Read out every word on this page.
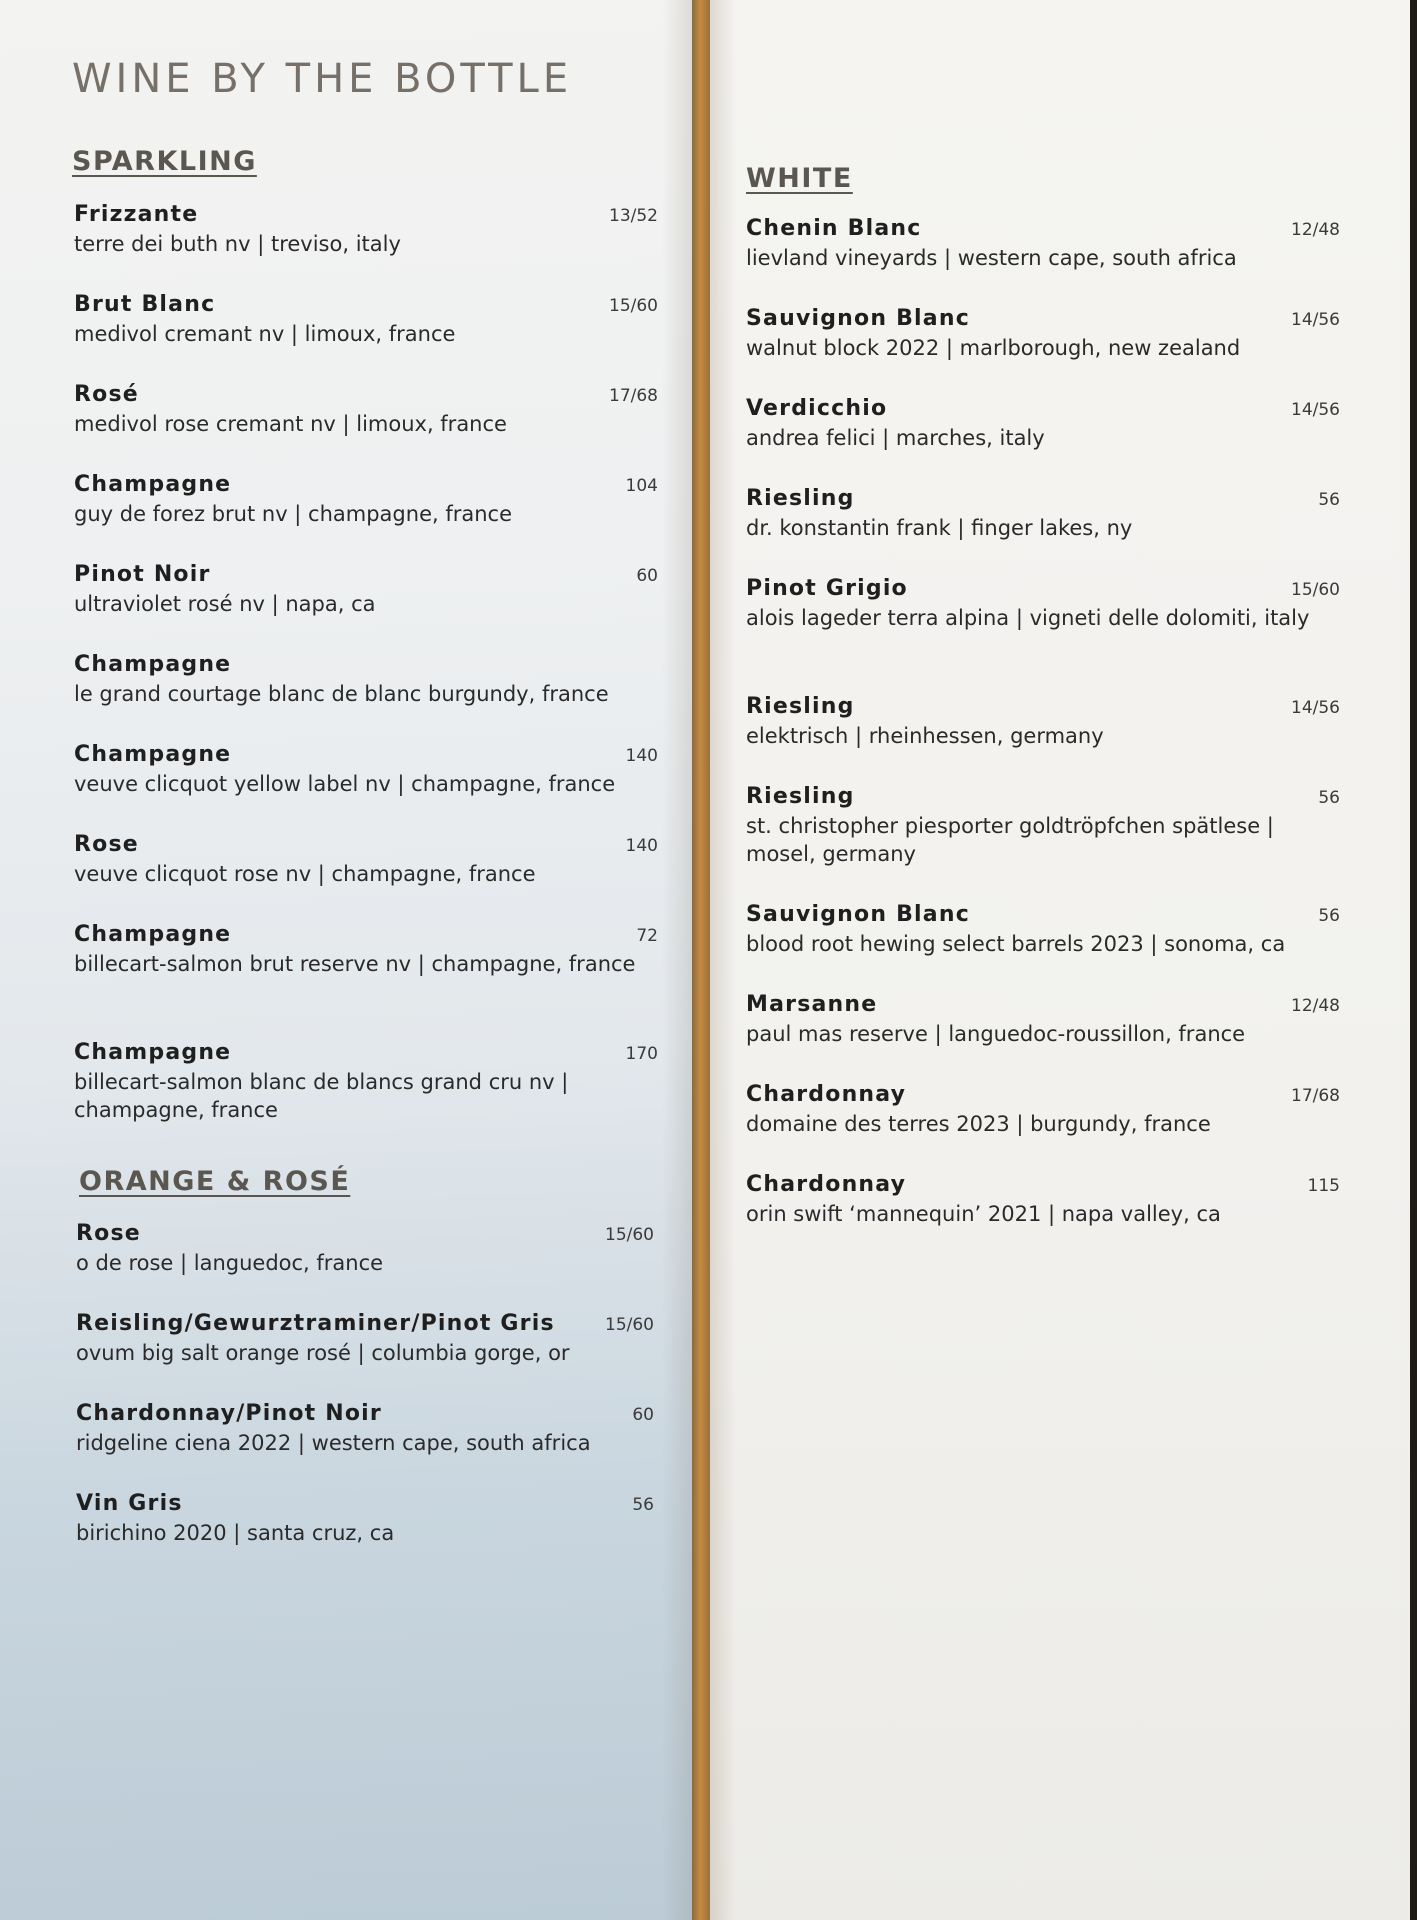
WINE BY THE BOTTLE
SPARKLING
Frizzante
terre dei buth nv | treviso, italy
13/52
Brut Blanc
medivol cremant nv | limoux, france
15/60
Rosé
medivol rose cremant nv | limoux, france
17/68
Champagne
guy de forez brut nv | champagne, france
104
Pinot Noir
ultraviolet rosé nv | napa, ca
60
Champagne
le grand courtage blanc de blanc burgundy, france
Champagne
veuve clicquot yellow label nv | champagne, france
140
Rose
veuve clicquot rose nv | champagne, france
140
Champagne
billecart-salmon brut reserve nv | champagne, france
72
Champagne
billecart-salmon blanc de blancs grand cru nv | champagne, france
170
ORANGE & ROSÉ
Rose
o de rose | languedoc, france
15/60
Reisling/Gewurztraminer/Pinot Gris
ovum big salt orange rosé | columbia gorge, or
15/60
Chardonnay/Pinot Noir
ridgeline ciena 2022 | western cape, south africa
60
Vin Gris
birichino 2020 | santa cruz, ca
56
WHITE
Chenin Blanc
lievland vineyards | western cape, south africa
12/48
Sauvignon Blanc
walnut block 2022 | marlborough, new zealand
14/56
Verdicchio
andrea felici | marches, italy
14/56
Riesling
dr. konstantin frank | finger lakes, ny
56
Pinot Grigio
alois lageder terra alpina | vigneti delle dolomiti, italy
15/60
Riesling
elektrisch | rheinhessen, germany
14/56
Riesling
st. christopher piesporter goldtröpfchen spätlese | mosel, germany
56
Sauvignon Blanc
blood root hewing select barrels 2023 | sonoma, ca
56
Marsanne
paul mas reserve | languedoc-roussillon, france
12/48
Chardonnay
domaine des terres 2023 | burgundy, france
17/68
Chardonnay
orin swift ‘mannequin’ 2021 | napa valley, ca
115
